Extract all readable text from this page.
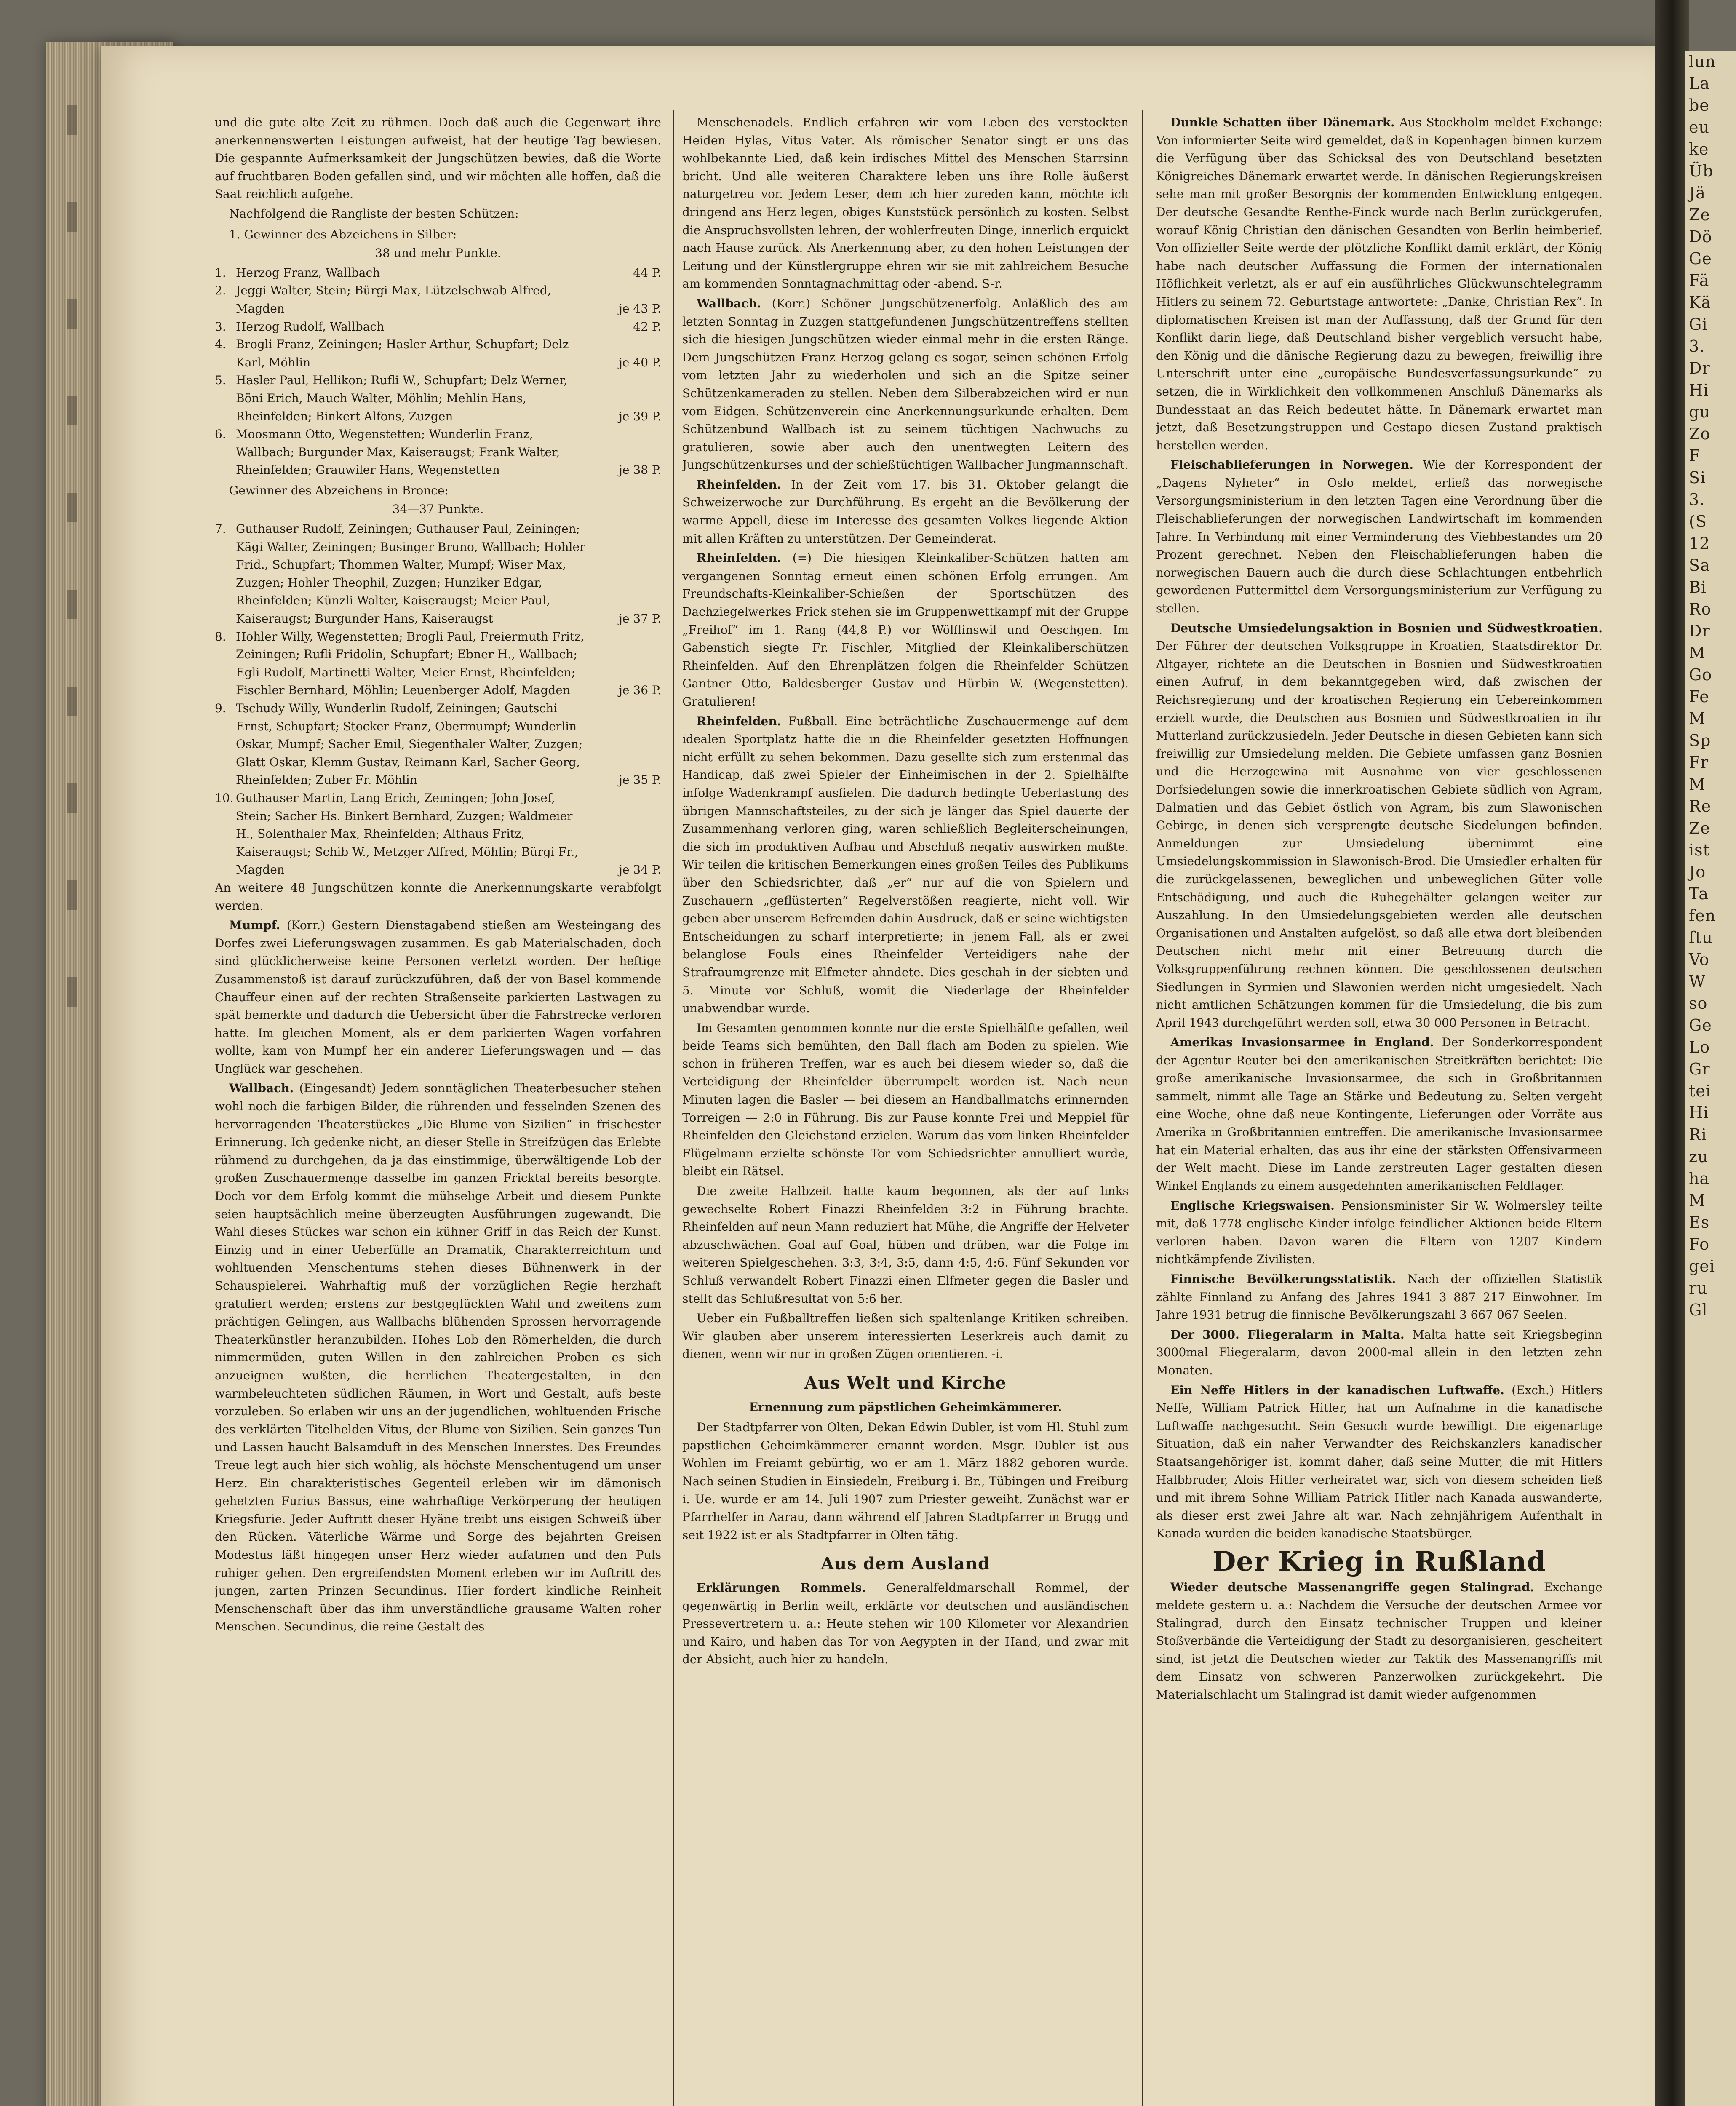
lun
La
be
eu
ke
Üb
Jä
Ze
Dö
Ge
Fä
Kä
Gi
3.
Dr
Hi
gu
Zo
F
Si
3.
(S
12
Sa
Bi
Ro
Dr
M
Go
Fe
M
Sp
Fr
M
Re
Ze
ist
Jo
Ta
fen
ftu
Vo
W
so
Ge
Lo
Gr
tei
Hi
Ri
zu
ha
M
Es
Fo
gei
ru
Gl

und die gute alte Zeit zu rühmen. Doch daß auch die Gegenwart ihre anerkennenswerten Leistungen aufweist, hat der heutige Tag bewiesen. Die gespannte Aufmerksamkeit der Jungschützen bewies, daß die Worte auf fruchtbaren Boden gefallen sind, und wir möchten alle hoffen, daß die Saat reichlich aufgehe.

Nachfolgend die Rangliste der besten Schützen:

1. Gewinner des Abzeichens in Silber:
38 und mehr Punkte.
1. Herzog Franz, Wallbach	44 P.
2. Jeggi Walter, Stein; Bürgi Max, Lützelschwab Alfred, Magden	je 43 P.
3. Herzog Rudolf, Wallbach	42 P.
4. Brogli Franz, Zeiningen; Hasler Arthur, Schupfart; Delz Karl, Möhlin	je 40 P.
5. Hasler Paul, Hellikon; Rufli W., Schupfart; Delz Werner, Böni Erich, Mauch Walter, Möhlin; Mehlin Hans, Rheinfelden; Binkert Alfons, Zuzgen	je 39 P.
6. Moosmann Otto, Wegenstetten; Wunderlin Franz, Wallbach; Burgunder Max, Kaiseraugst; Frank Walter, Rheinfelden; Grauwiler Hans, Wegenstetten	je 38 P.
Gewinner des Abzeichens in Bronce:
34—37 Punkte.
7. Guthauser Rudolf, Zeiningen; Guthauser Paul, Zeiningen; Kägi Walter, Zeiningen; Businger Bruno, Wallbach; Hohler Frid., Schupfart; Thommen Walter, Mumpf; Wiser Max, Zuzgen; Hohler Theophil, Zuzgen; Hunziker Edgar, Rheinfelden; Künzli Walter, Kaiseraugst; Meier Paul, Kaiseraugst; Burgunder Hans, Kaiseraugst	je 37 P.
8. Hohler Willy, Wegenstetten; Brogli Paul, Freiermuth Fritz, Zeiningen; Rufli Fridolin, Schupfart; Ebner H., Wallbach; Egli Rudolf, Martinetti Walter, Meier Ernst, Rheinfelden; Fischler Bernhard, Möhlin; Leuenberger Adolf, Magden	je 36 P.
9. Tschudy Willy, Wunderlin Rudolf, Zeiningen; Gautschi Ernst, Schupfart; Stocker Franz, Obermumpf; Wunderlin Oskar, Mumpf; Sacher Emil, Siegenthaler Walter, Zuzgen; Glatt Oskar, Klemm Gustav, Reimann Karl, Sacher Georg, Rheinfelden; Zuber Fr. Möhlin	je 35 P.
10. Guthauser Martin, Lang Erich, Zeiningen; John Josef, Stein; Sacher Hs. Binkert Bernhard, Zuzgen; Waldmeier H., Solenthaler Max, Rheinfelden; Althaus Fritz, Kaiseraugst; Schib W., Metzger Alfred, Möhlin; Bürgi Fr., Magden	je 34 P.

An weitere 48 Jungschützen konnte die Anerkennungskarte verabfolgt werden.

Mumpf. (Korr.) Gestern Dienstagabend stießen am Westeingang des Dorfes zwei Lieferungswagen zusammen. Es gab Materialschaden, doch sind glücklicherweise keine Personen verletzt worden. Der heftige Zusammenstoß ist darauf zurückzuführen, daß der von Basel kommende Chauffeur einen auf der rechten Straßenseite parkierten Lastwagen zu spät bemerkte und dadurch die Uebersicht über die Fahrstrecke verloren hatte. Im gleichen Moment, als er dem parkierten Wagen vorfahren wollte, kam von Mumpf her ein anderer Lieferungswagen und — das Unglück war geschehen.

Wallbach. (Eingesandt) Jedem sonntäglichen Theaterbesucher stehen wohl noch die farbigen Bilder, die rührenden und fesselnden Szenen des hervorragenden Theaterstückes „Die Blume von Sizilien“ in frischester Erinnerung. Ich gedenke nicht, an dieser Stelle in Streifzügen das Erlebte rühmend zu durchgehen, da ja das einstimmige, überwältigende Lob der großen Zuschauermenge dasselbe im ganzen Fricktal bereits besorgte. Doch vor dem Erfolg kommt die mühselige Arbeit und diesem Punkte seien hauptsächlich meine überzeugten Ausführungen zugewandt. Die Wahl dieses Stückes war schon ein kühner Griff in das Reich der Kunst. Einzig und in einer Ueberfülle an Dramatik, Charakterreichtum und wohltuenden Menschentums stehen dieses Bühnenwerk in der Schauspielerei. Wahrhaftig muß der vorzüglichen Regie herzhaft gratuliert werden; erstens zur bestgeglückten Wahl und zweitens zum prächtigen Gelingen, aus Wallbachs blühenden Sprossen hervorragende Theaterkünstler heranzubilden. Hohes Lob den Römerhelden, die durch nimmermüden, guten Willen in den zahlreichen Proben es sich anzueignen wußten, die herrlichen Theatergestalten, in den warmbeleuchteten südlichen Räumen, in Wort und Gestalt, aufs beste vorzuleben. So erlaben wir uns an der jugendlichen, wohltuenden Frische des verklärten Titelhelden Vitus, der Blume von Sizilien. Sein ganzes Tun und Lassen haucht Balsamduft in des Menschen Innerstes. Des Freundes Treue legt auch hier sich wohlig, als höchste Menschentugend um unser Herz. Ein charakteristisches Gegenteil erleben wir im dämonisch gehetzten Furius Bassus, eine wahrhaftige Verkörperung der heutigen Kriegsfurie. Jeder Auftritt dieser Hyäne treibt uns eisigen Schweiß über den Rücken. Väterliche Wärme und Sorge des bejahrten Greisen Modestus läßt hingegen unser Herz wieder aufatmen und den Puls ruhiger gehen. Den ergreifendsten Moment erleben wir im Auftritt des jungen, zarten Prinzen Secundinus. Hier fordert kindliche Reinheit Menschenschaft über das ihm unverständliche grausame Walten roher Menschen. Secundinus, die reine Gestalt des

Menschenadels. Endlich erfahren wir vom Leben des verstockten Heiden Hylas, Vitus Vater. Als römischer Senator singt er uns das wohlbekannte Lied, daß kein irdisches Mittel des Menschen Starrsinn bricht. Und alle weiteren Charaktere leben uns ihre Rolle äußerst naturgetreu vor. Jedem Leser, dem ich hier zureden kann, möchte ich dringend ans Herz legen, obiges Kunststück persönlich zu kosten. Selbst die Anspruchsvollsten lehren, der wohlerfreuten Dinge, innerlich erquickt nach Hause zurück. Als Anerkennung aber, zu den hohen Leistungen der Leitung und der Künstlergruppe ehren wir sie mit zahlreichem Besuche am kommenden Sonntagnachmittag oder -abend. S-r.

Wallbach. (Korr.) Schöner Jungschützenerfolg. Anläßlich des am letzten Sonntag in Zuzgen stattgefundenen Jungschützentreffens stellten sich die hiesigen Jungschützen wieder einmal mehr in die ersten Ränge. Dem Jungschützen Franz Herzog gelang es sogar, seinen schönen Erfolg vom letzten Jahr zu wiederholen und sich an die Spitze seiner Schützenkameraden zu stellen. Neben dem Silberabzeichen wird er nun vom Eidgen. Schützenverein eine Anerkennungsurkunde erhalten. Dem Schützenbund Wallbach ist zu seinem tüchtigen Nachwuchs zu gratulieren, sowie aber auch den unentwegten Leitern des Jungschützenkurses und der schießtüchtigen Wallbacher Jungmannschaft.

Rheinfelden. In der Zeit vom 17. bis 31. Oktober gelangt die Schweizerwoche zur Durchführung. Es ergeht an die Bevölkerung der warme Appell, diese im Interesse des gesamten Volkes liegende Aktion mit allen Kräften zu unterstützen. Der Gemeinderat.

Rheinfelden. (=) Die hiesigen Kleinkaliber-Schützen hatten am vergangenen Sonntag erneut einen schönen Erfolg errungen. Am Freundschafts-Kleinkaliber-Schießen der Sportschützen des Dachziegelwerkes Frick stehen sie im Gruppenwettkampf mit der Gruppe „Freihof“ im 1. Rang (44,8 P.) vor Wölflinswil und Oeschgen. Im Gabenstich siegte Fr. Fischler, Mitglied der Kleinkaliberschützen Rheinfelden. Auf den Ehrenplätzen folgen die Rheinfelder Schützen Gantner Otto, Baldesberger Gustav und Hürbin W. (Wegenstetten). Gratulieren!

Rheinfelden. Fußball. Eine beträchtliche Zuschauermenge auf dem idealen Sportplatz hatte die in die Rheinfelder gesetzten Hoffnungen nicht erfüllt zu sehen bekommen. Dazu gesellte sich zum erstenmal das Handicap, daß zwei Spieler der Einheimischen in der 2. Spielhälfte infolge Wadenkrampf ausfielen. Die dadurch bedingte Ueberlastung des übrigen Mannschaftsteiles, zu der sich je länger das Spiel dauerte der Zusammenhang verloren ging, waren schließlich Begleiterscheinungen, die sich im produktiven Aufbau und Abschluß negativ auswirken mußte. Wir teilen die kritischen Bemerkungen eines großen Teiles des Publikums über den Schiedsrichter, daß „er“ nur auf die von Spielern und Zuschauern „geflüsterten“ Regelverstößen reagierte, nicht voll. Wir geben aber unserem Befremden dahin Ausdruck, daß er seine wichtigsten Entscheidungen zu scharf interpretierte; in jenem Fall, als er zwei belanglose Fouls eines Rheinfelder Verteidigers nahe der Strafraumgrenze mit Elfmeter ahndete. Dies geschah in der siebten und 5. Minute vor Schluß, womit die Niederlage der Rheinfelder unabwendbar wurde.

Im Gesamten genommen konnte nur die erste Spielhälfte gefallen, weil beide Teams sich bemühten, den Ball flach am Boden zu spielen. Wie schon in früheren Treffen, war es auch bei diesem wieder so, daß die Verteidigung der Rheinfelder überrumpelt worden ist. Nach neun Minuten lagen die Basler — bei diesem an Handballmatchs erinnernden Torreigen — 2:0 in Führung. Bis zur Pause konnte Frei und Meppiel für Rheinfelden den Gleichstand erzielen. Warum das vom linken Rheinfelder Flügelmann erzielte schönste Tor vom Schiedsrichter annulliert wurde, bleibt ein Rätsel.

Die zweite Halbzeit hatte kaum begonnen, als der auf links gewechselte Robert Finazzi Rheinfelden 3:2 in Führung brachte. Rheinfelden auf neun Mann reduziert hat Mühe, die Angriffe der Helveter abzuschwächen. Goal auf Goal, hüben und drüben, war die Folge im weiteren Spielgeschehen. 3:3, 3:4, 3:5, dann 4:5, 4:6. Fünf Sekunden vor Schluß verwandelt Robert Finazzi einen Elfmeter gegen die Basler und stellt das Schlußresultat von 5:6 her.

Ueber ein Fußballtreffen ließen sich spaltenlange Kritiken schreiben. Wir glauben aber unserem interessierten Leserkreis auch damit zu dienen, wenn wir nur in großen Zügen orientieren. -i.

Aus Welt und Kirche
Ernennung zum päpstlichen Geheimkämmerer.

Der Stadtpfarrer von Olten, Dekan Edwin Dubler, ist vom Hl. Stuhl zum päpstlichen Geheimkämmerer ernannt worden. Msgr. Dubler ist aus Wohlen im Freiamt gebürtig, wo er am 1. März 1882 geboren wurde. Nach seinen Studien in Einsiedeln, Freiburg i. Br., Tübingen und Freiburg i. Ue. wurde er am 14. Juli 1907 zum Priester geweiht. Zunächst war er Pfarrhelfer in Aarau, dann während elf Jahren Stadtpfarrer in Brugg und seit 1922 ist er als Stadtpfarrer in Olten tätig.

Aus dem Ausland

Erklärungen Rommels. Generalfeldmarschall Rommel, der gegenwärtig in Berlin weilt, erklärte vor deutschen und ausländischen Pressevertretern u. a.: Heute stehen wir 100 Kilometer vor Alexandrien und Kairo, und haben das Tor von Aegypten in der Hand, und zwar mit der Absicht, auch hier zu handeln.

Dunkle Schatten über Dänemark. Aus Stockholm meldet Exchange: Von informierter Seite wird gemeldet, daß in Kopenhagen binnen kurzem die Verfügung über das Schicksal des von Deutschland besetzten Königreiches Dänemark erwartet werde. In dänischen Regierungskreisen sehe man mit großer Besorgnis der kommenden Entwicklung entgegen. Der deutsche Gesandte Renthe-Finck wurde nach Berlin zurückgerufen, worauf König Christian den dänischen Gesandten von Berlin heimberief. Von offizieller Seite werde der plötzliche Konflikt damit erklärt, der König habe nach deutscher Auffassung die Formen der internationalen Höflichkeit verletzt, als er auf ein ausführliches Glückwunschtelegramm Hitlers zu seinem 72. Geburtstage antwortete: „Danke, Christian Rex“. In diplomatischen Kreisen ist man der Auffassung, daß der Grund für den Konflikt darin liege, daß Deutschland bisher vergeblich versucht habe, den König und die dänische Regierung dazu zu bewegen, freiwillig ihre Unterschrift unter eine „europäische Bundesverfassungsurkunde“ zu setzen, die in Wirklichkeit den vollkommenen Anschluß Dänemarks als Bundesstaat an das Reich bedeutet hätte. In Dänemark erwartet man jetzt, daß Besetzungstruppen und Gestapo diesen Zustand praktisch herstellen werden.

Fleischablieferungen in Norwegen. Wie der Korrespondent der „Dagens Nyheter“ in Oslo meldet, erließ das norwegische Versorgungsministerium in den letzten Tagen eine Verordnung über die Fleischablieferungen der norwegischen Landwirtschaft im kommenden Jahre. In Verbindung mit einer Verminderung des Viehbestandes um 20 Prozent gerechnet. Neben den Fleischablieferungen haben die norwegischen Bauern auch die durch diese Schlachtungen entbehrlich gewordenen Futtermittel dem Versorgungsministerium zur Verfügung zu stellen.

Deutsche Umsiedelungsaktion in Bosnien und Südwestkroatien. Der Führer der deutschen Volksgruppe in Kroatien, Staatsdirektor Dr. Altgayer, richtete an die Deutschen in Bosnien und Südwestkroatien einen Aufruf, in dem bekanntgegeben wird, daß zwischen der Reichsregierung und der kroatischen Regierung ein Uebereinkommen erzielt wurde, die Deutschen aus Bosnien und Südwestkroatien in ihr Mutterland zurückzusiedeln. Jeder Deutsche in diesen Gebieten kann sich freiwillig zur Umsiedelung melden. Die Gebiete umfassen ganz Bosnien und die Herzogewina mit Ausnahme von vier geschlossenen Dorfsiedelungen sowie die innerkroatischen Gebiete südlich von Agram, Dalmatien und das Gebiet östlich von Agram, bis zum Slawonischen Gebirge, in denen sich versprengte deutsche Siedelungen befinden. Anmeldungen zur Umsiedelung übernimmt eine Umsiedelungskommission in Slawonisch-Brod. Die Umsiedler erhalten für die zurückgelassenen, beweglichen und unbeweglichen Güter volle Entschädigung, und auch die Ruhegehälter gelangen weiter zur Auszahlung. In den Umsiedelungsgebieten werden alle deutschen Organisationen und Anstalten aufgelöst, so daß alle etwa dort bleibenden Deutschen nicht mehr mit einer Betreuung durch die Volksgruppenführung rechnen können. Die geschlossenen deutschen Siedlungen in Syrmien und Slawonien werden nicht umgesiedelt. Nach nicht amtlichen Schätzungen kommen für die Umsiedelung, die bis zum April 1943 durchgeführt werden soll, etwa 30 000 Personen in Betracht.

Amerikas Invasionsarmee in England. Der Sonderkorrespondent der Agentur Reuter bei den amerikanischen Streitkräften berichtet: Die große amerikanische Invasionsarmee, die sich in Großbritannien sammelt, nimmt alle Tage an Stärke und Bedeutung zu. Selten vergeht eine Woche, ohne daß neue Kontingente, Lieferungen oder Vorräte aus Amerika in Großbritannien eintreffen. Die amerikanische Invasionsarmee hat ein Material erhalten, das aus ihr eine der stärksten Offensivarmeen der Welt macht. Diese im Lande zerstreuten Lager gestalten diesen Winkel Englands zu einem ausgedehnten amerikanischen Feldlager.

Englische Kriegswaisen. Pensionsminister Sir W. Wolmersley teilte mit, daß 1778 englische Kinder infolge feindlicher Aktionen beide Eltern verloren haben. Davon waren die Eltern von 1207 Kindern nichtkämpfende Zivilisten.

Finnische Bevölkerungsstatistik. Nach der offiziellen Statistik zählte Finnland zu Anfang des Jahres 1941 3 887 217 Einwohner. Im Jahre 1931 betrug die finnische Bevölkerungszahl 3 667 067 Seelen.

Der 3000. Fliegeralarm in Malta. Malta hatte seit Kriegsbeginn 3000mal Fliegeralarm, davon 2000-mal allein in den letzten zehn Monaten.

Ein Neffe Hitlers in der kanadischen Luftwaffe. (Exch.) Hitlers Neffe, William Patrick Hitler, hat um Aufnahme in die kanadische Luftwaffe nachgesucht. Sein Gesuch wurde bewilligt. Die eigenartige Situation, daß ein naher Verwandter des Reichskanzlers kanadischer Staatsangehöriger ist, kommt daher, daß seine Mutter, die mit Hitlers Halbbruder, Alois Hitler verheiratet war, sich von diesem scheiden ließ und mit ihrem Sohne William Patrick Hitler nach Kanada auswanderte, als dieser erst zwei Jahre alt war. Nach zehnjährigem Aufenthalt in Kanada wurden die beiden kanadische Staatsbürger.

Der Krieg in Rußland

Wieder deutsche Massenangriffe gegen Stalingrad. Exchange meldete gestern u. a.: Nachdem die Versuche der deutschen Armee vor Stalingrad, durch den Einsatz technischer Truppen und kleiner Stoßverbände die Verteidigung der Stadt zu desorganisieren, gescheitert sind, ist jetzt die Deutschen wieder zur Taktik des Massenangriffs mit dem Einsatz von schweren Panzerwolken zurückgekehrt. Die Materialschlacht um Stalingrad ist damit wieder aufgenommen
